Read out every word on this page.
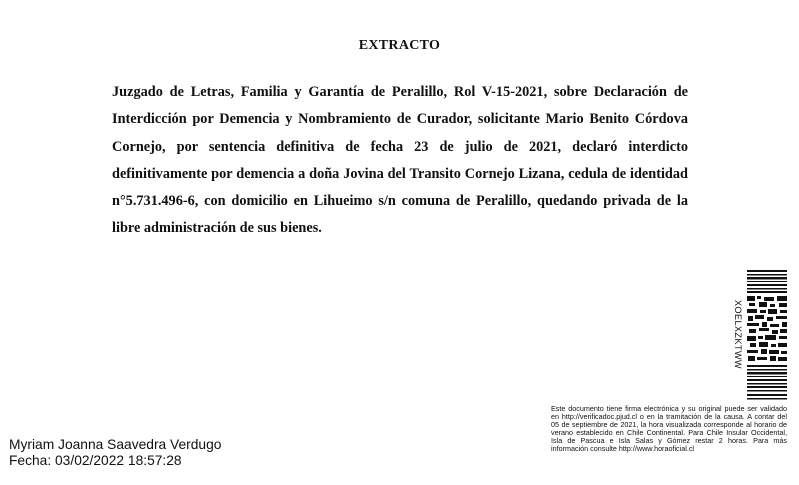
EXTRACTO
Juzgado de Letras, Familia y Garantía de Peralillo, Rol V-15-2021, sobre Declaración de Interdicción por Demencia y Nombramiento de Curador, solicitante Mario Benito Córdova Cornejo, por sentencia definitiva de fecha 23 de julio de 2021, declaró interdicto definitivamente por demencia a doña Jovina del Transito Cornejo Lizana, cedula de identidad n°5.731.496-6, con domicilio en Lihueimo s/n comuna de Peralillo, quedando privada de la libre administración de sus bienes.
XOELXZKTWW
Este documento tiene firma electrónica y su original puede ser validado en http://verificadoc.pjud.cl o en la tramitación de la causa. A contar del 05 de septiembre de 2021, la hora visualizada corresponde al horario de verano establecido en Chile Continental. Para Chile Insular Occidental, Isla de Pascua e Isla Salas y Gómez restar 2 horas. Para más información consulte http://www.horaoficial.cl
Myriam Joanna Saavedra Verdugo
Fecha: 03/02/2022 18:57:28
